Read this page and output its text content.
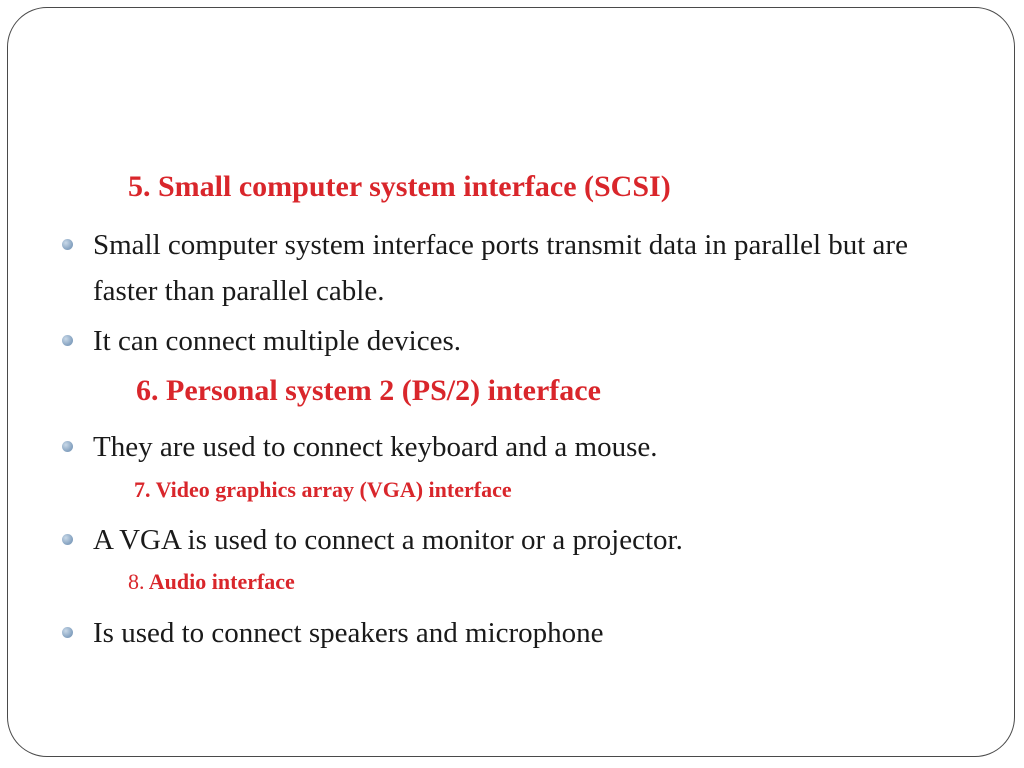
5. Small computer system interface (SCSI)
Small computer system interface ports transmit data in parallel but are faster than parallel cable.
It can connect multiple devices.
6. Personal system 2 (PS/2) interface
They are used to connect keyboard and a mouse.
7. Video graphics array (VGA) interface
A VGA is used to connect a monitor or a projector.
8. Audio interface
Is used to connect speakers and microphone
